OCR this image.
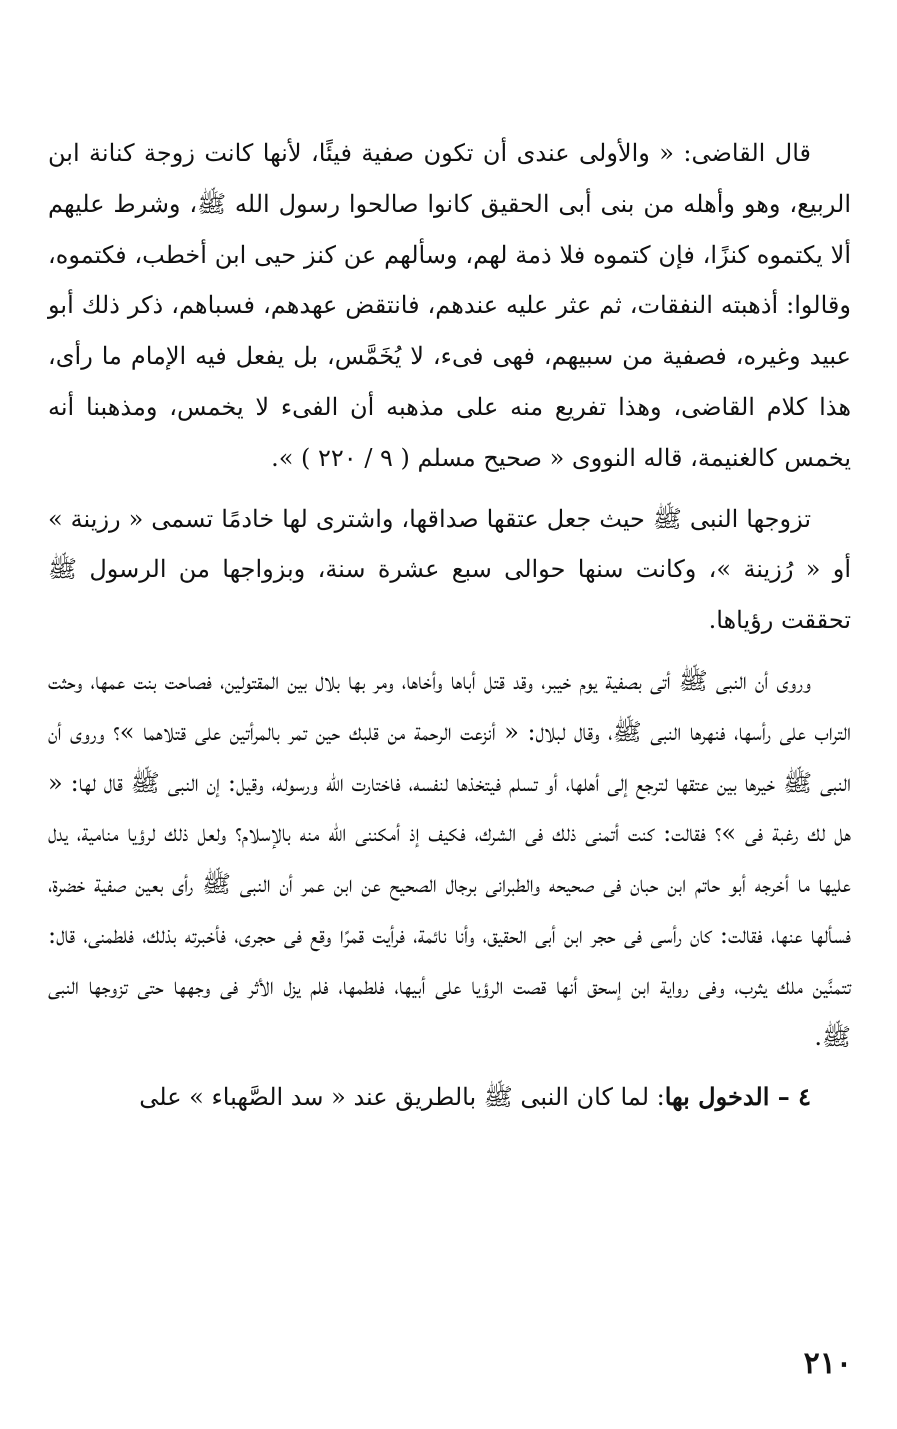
قال القاضى: « والأولى عندى أن تكون صفية فيئًا، لأنها كانت زوجة كنانة ابن الربيع، وهو وأهله من بنى أبى الحقيق كانوا صالحوا رسول الله ﷺ، وشرط عليهم ألا يكتموه كنزًا، فإن كتموه فلا ذمة لهم، وسألهم عن كنز حيى ابن أخطب، فكتموه، وقالوا: أذهبته النفقات، ثم عثر عليه عندهم، فانتقض عهدهم، فسباهم، ذكر ذلك أبو عبيد وغيره، فصفية من سبيهم، فهى فىء، لا يُخَمَّس، بل يفعل فيه الإمام ما رأى، هذا كلام القاضى، وهذا تفريع منه على مذهبه أن الفىء لا يخمس، ومذهبنا أنه يخمس كالغنيمة، قاله النووى « صحيح مسلم ( ٩ / ٢٢٠ ) ».

تزوجها النبى ﷺ حيث جعل عتقها صداقها، واشترى لها خادمًا تسمى « رزينة » أو « رُزينة »، وكانت سنها حوالى سبع عشرة سنة، وبزواجها من الرسول ﷺ تحققت رؤياها.

وروى أن النبى ﷺ أتى بصفية يوم خيبر، وقد قتل أباها وأخاها، ومر بها بلال بين المقتولين، فصاحت بنت عمها، وحثت التراب على رأسها، فنهرها النبى ﷺ، وقال لبلال: « أنزعت الرحمة من قلبك حين تمر بالمرأتين على قتلاهما »؟ وروى أن النبى ﷺ خيرها بين عتقها لترجع إلى أهلها، أو تسلم فيتخذها لنفسه، فاختارت الله ورسوله، وقيل: إن النبى ﷺ قال لها: « هل لك رغبة فى »؟ فقالت: كنت أتمنى ذلك فى الشرك، فكيف إذ أمكننى الله منه بالإسلام؟ ولعل ذلك لرؤيا منامية، يدل عليها ما أخرجه أبو حاتم ابن حبان فى صحيحه والطبرانى برجال الصحيح عن ابن عمر أن النبى ﷺ رأى بعين صفية خضرة، فسألها عنها، فقالت: كان رأسى فى حجر ابن أبى الحقيق، وأنا نائمة، فرأيت قمرًا وقع فى حجرى، فأخبرته بذلك، فلطمنى، قال: تتمنَّين ملك يثرب، وفى رواية ابن إسحق أنها قصت الرؤيا على أبيها، فلطمها، فلم يزل الأثر فى وجهها حتى تزوجها النبى ﷺ.

٤ – الدخول بها: لما كان النبى ﷺ بالطريق عند « سد الصَّهباء » على

٢١٠
